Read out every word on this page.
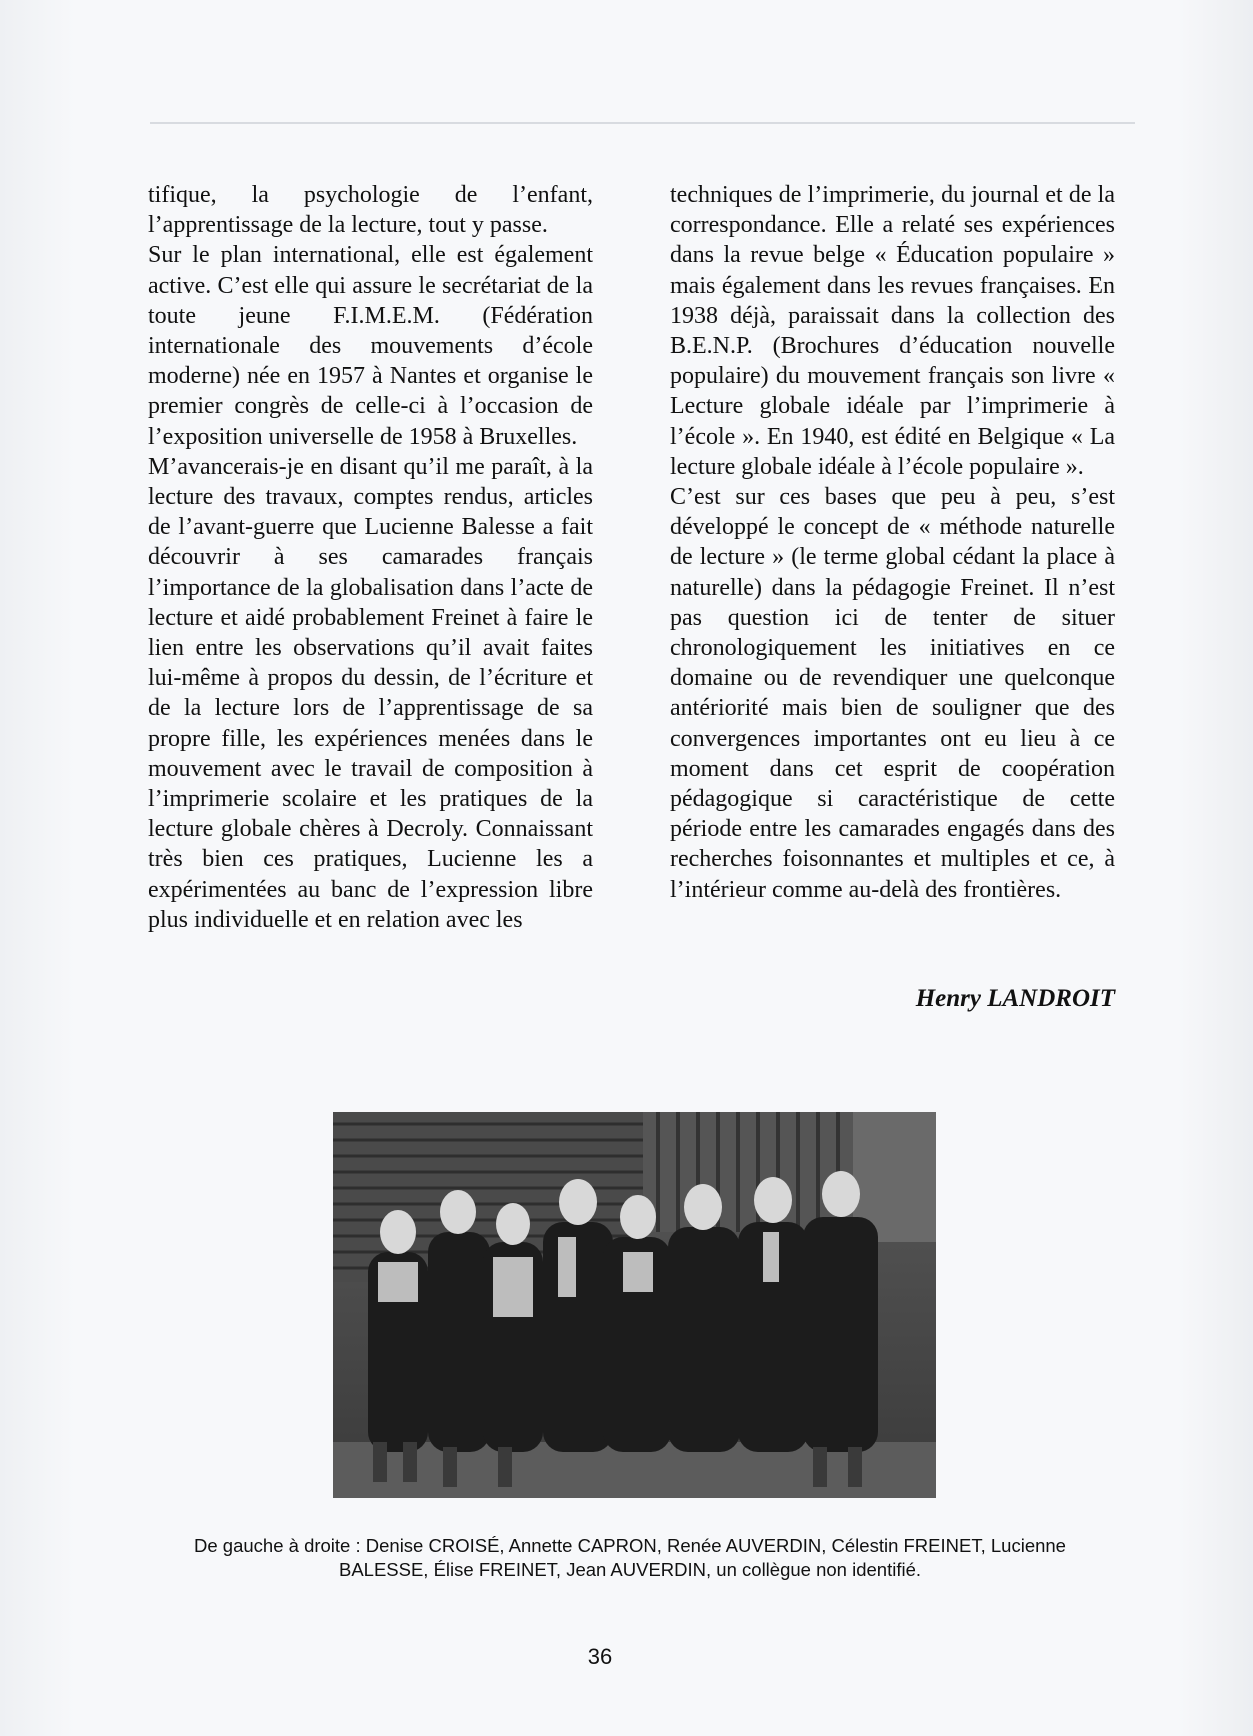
tifique, la psychologie de l’enfant, l’apprentissage de la lecture, tout y passe.

Sur le plan international, elle est également active. C’est elle qui assure le secrétariat de la toute jeune F.I.M.E.M. (Fédération internationale des mouvements d’école moderne) née en 1957 à Nantes et organise le premier congrès de celle-ci à l’occasion de l’exposition universelle de 1958 à Bruxelles.

M’avancerais-je en disant qu’il me paraît, à la lecture des travaux, comptes rendus, articles de l’avant-guerre que Lucienne Balesse a fait découvrir à ses camarades français l’importance de la globalisation dans l’acte de lecture et aidé probablement Freinet à faire le lien entre les observations qu’il avait faites lui-même à propos du dessin, de l’écriture et de la lecture lors de l’apprentissage de sa propre fille, les expériences menées dans le mouvement avec le travail de composition à l’imprimerie scolaire et les pratiques de la lecture globale chères à Decroly. Connaissant très bien ces pratiques, Lucienne les a expérimentées au banc de l’expression libre plus individuelle et en relation avec les

techniques de l’imprimerie, du journal et de la correspondance. Elle a relaté ses expériences dans la revue belge « Éducation populaire » mais également dans les revues françaises. En 1938 déjà, paraissait dans la collection des B.E.N.P. (Brochures d’éducation nouvelle populaire) du mouvement français son livre « Lecture globale idéale par l’imprimerie à l’école ». En 1940, est édité en Belgique « La lecture globale idéale à l’école populaire ».

C’est sur ces bases que peu à peu, s’est développé le concept de « méthode naturelle de lecture » (le terme global cédant la place à naturelle) dans la pédagogie Freinet. Il n’est pas question ici de tenter de situer chronologiquement les initiatives en ce domaine ou de revendiquer une quelconque antériorité mais bien de souligner que des convergences importantes ont eu lieu à ce moment dans cet esprit de coopération pédagogique si caractéristique de cette période entre les camarades engagés dans des recherches foisonnantes et multiples et ce, à l’intérieur comme au-delà des frontières.

Henry LANDROIT
De gauche à droite : Denise CROISÉ, Annette CAPRON, Renée AUVERDIN, Célestin FREINET, Lucienne
BALESSE, Élise FREINET, Jean AUVERDIN, un collègue non identifié.
36
